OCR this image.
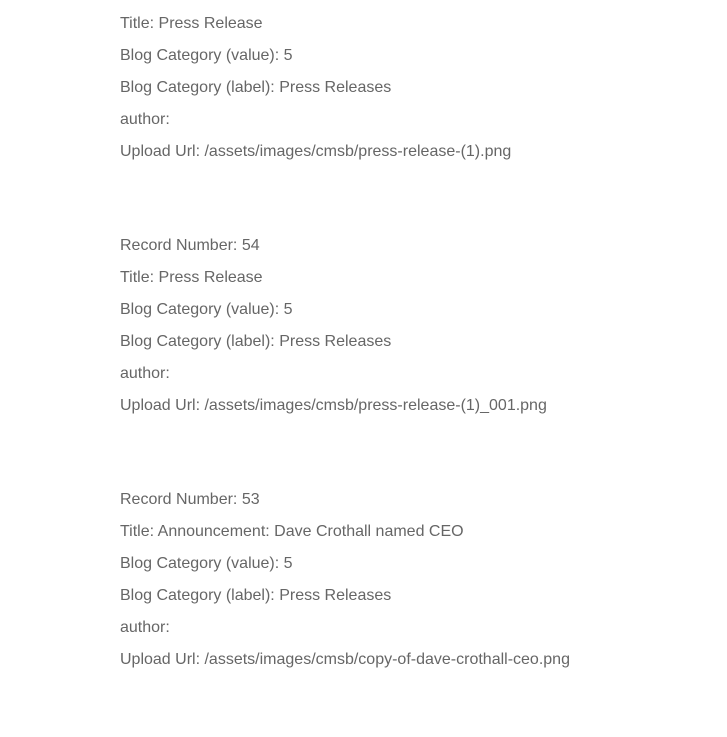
Title: Press Release
Blog Category (value): 5
Blog Category (label): Press Releases
author:
Upload Url: /assets/images/cmsb/press-release-(1).png
Record Number: 54
Title: Press Release
Blog Category (value): 5
Blog Category (label): Press Releases
author:
Upload Url: /assets/images/cmsb/press-release-(1)_001.png
Record Number: 53
Title: Announcement: Dave Crothall named CEO
Blog Category (value): 5
Blog Category (label): Press Releases
author:
Upload Url: /assets/images/cmsb/copy-of-dave-crothall-ceo.png
